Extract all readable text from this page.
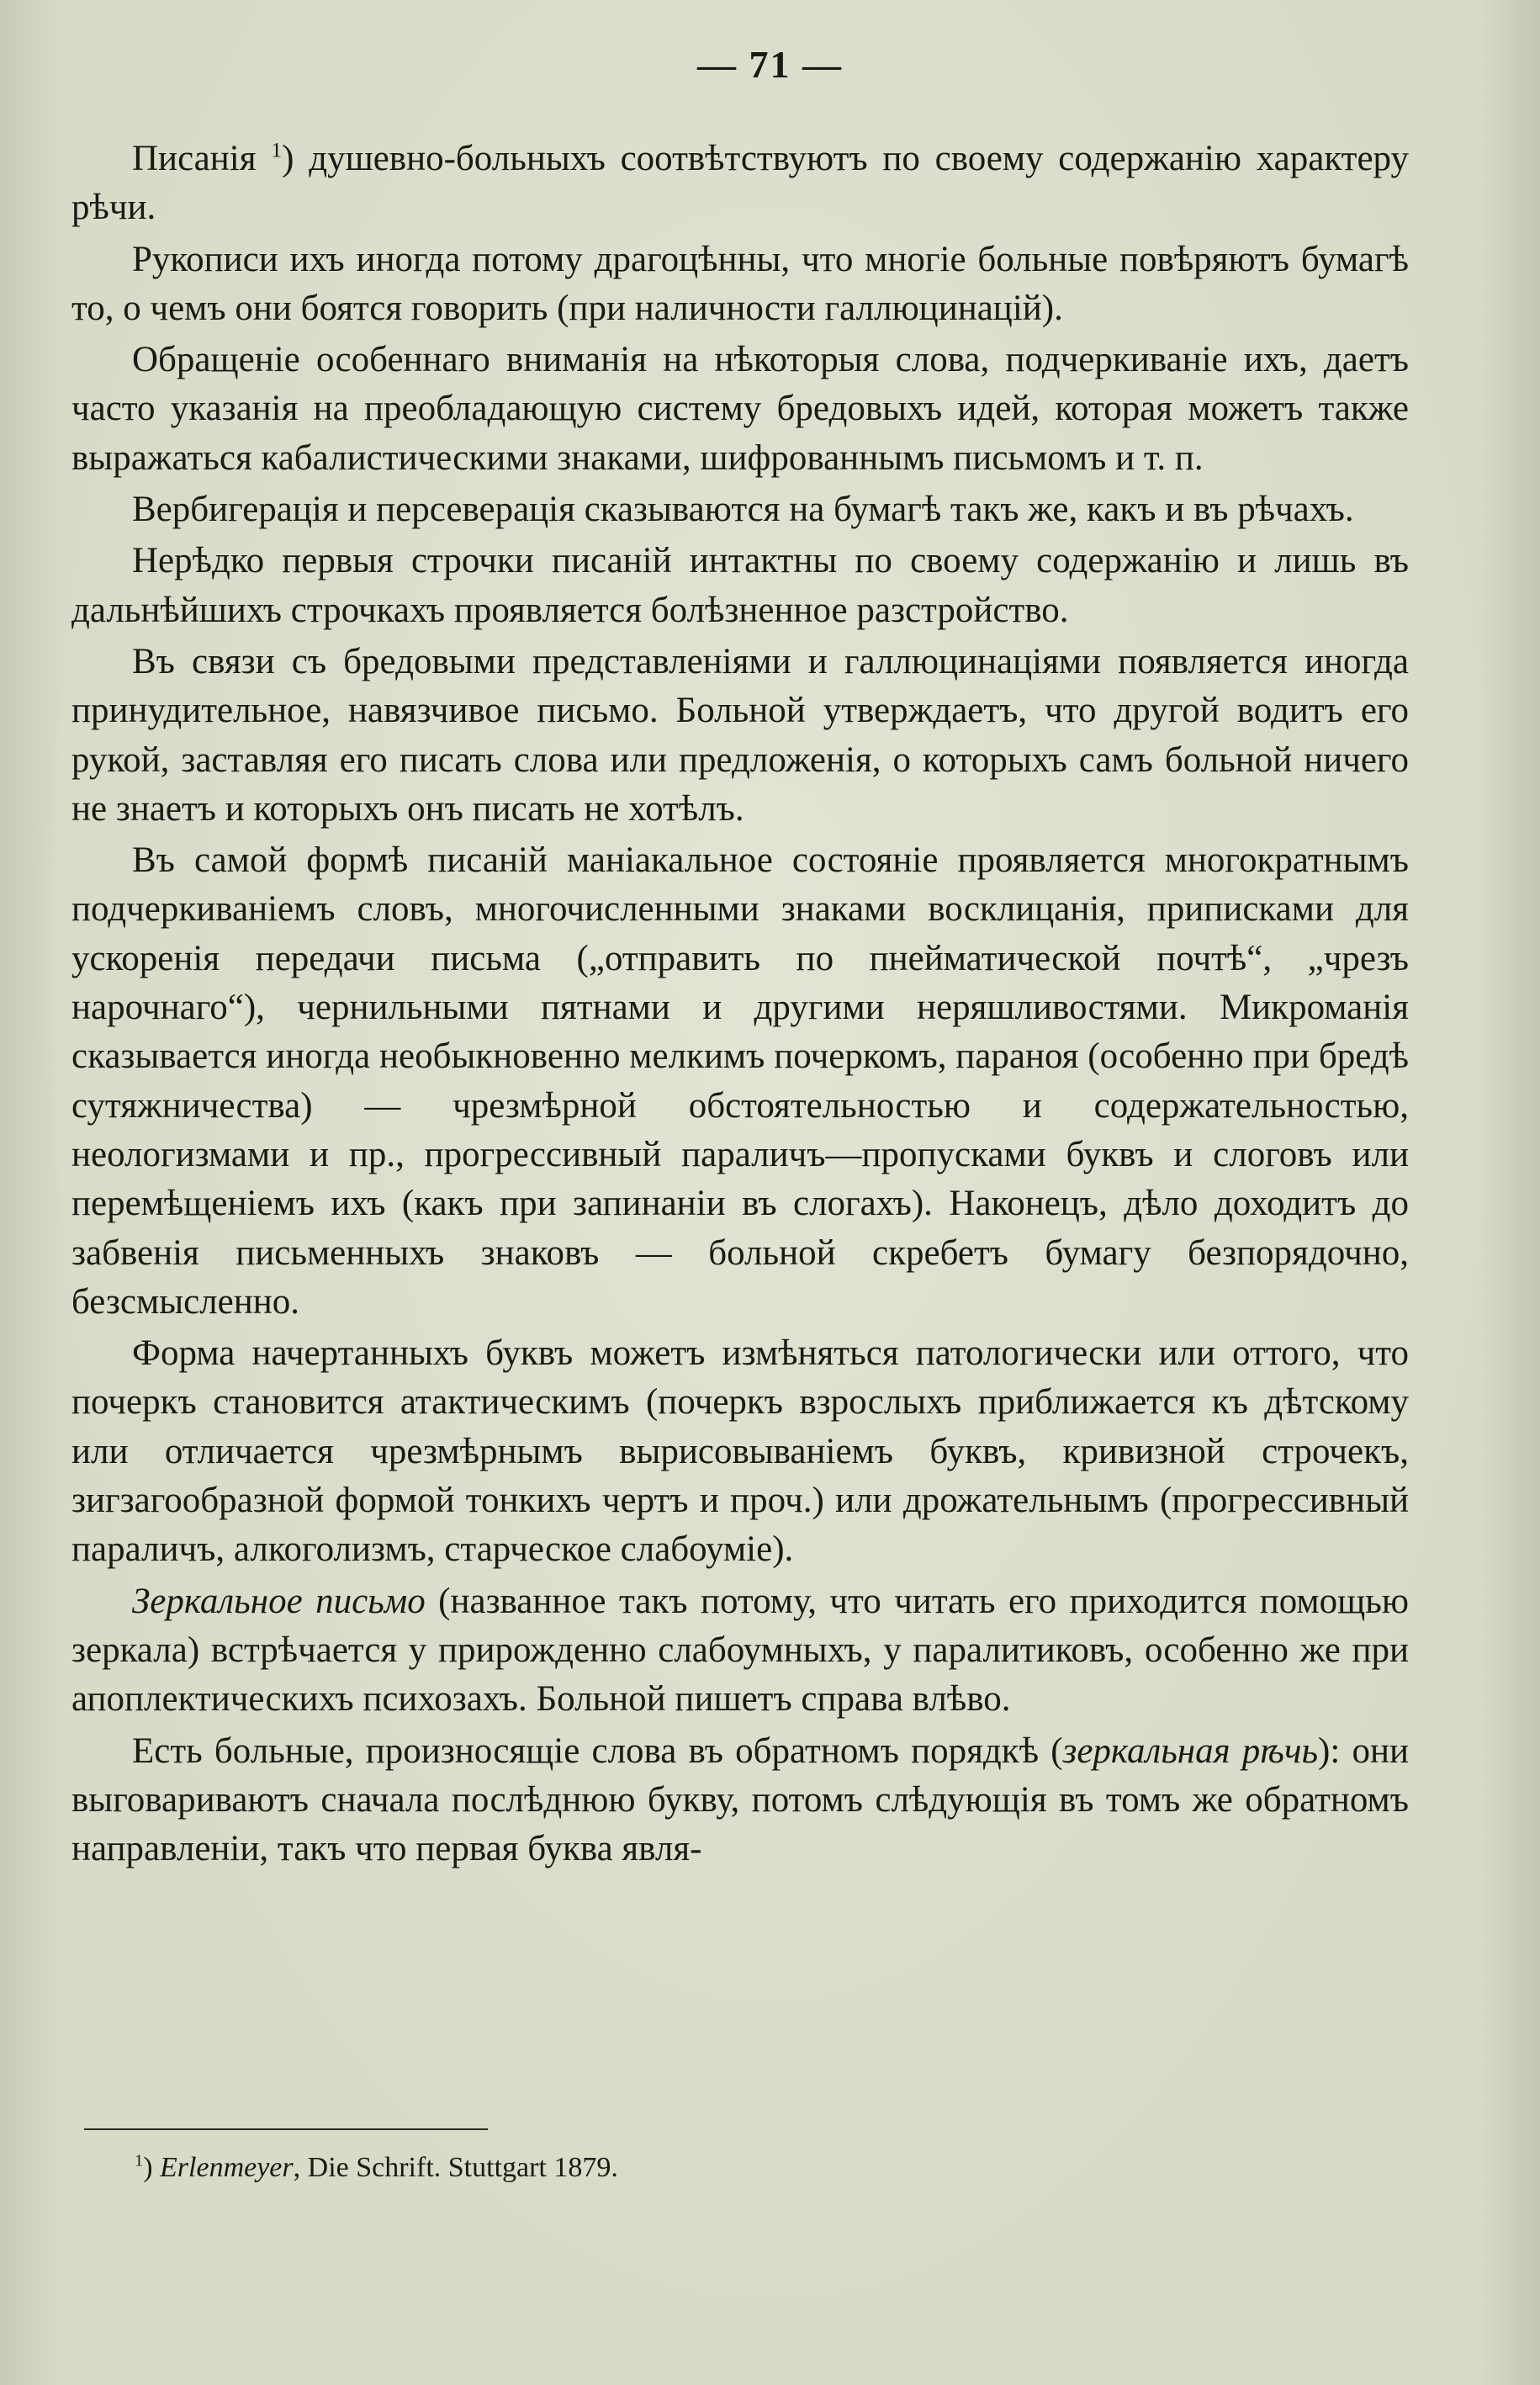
— 71 —

Писанія $^1$) душевно-больныхъ соотвѣтствуютъ по своему содержанію характеру рѣчи.

Рукописи ихъ иногда потому драгоцѣнны, что многіе больные повѣряютъ бумагѣ то, о чемъ они боятся говорить (при наличности галлюцинацій).

Обращеніе особеннаго вниманія на нѣкоторыя слова, подчеркиваніе ихъ, даетъ часто указанія на преобладающую систему бредовыхъ идей, которая можетъ также выражаться кабалистическими знаками, шифрованнымъ письмомъ и т. п.

Вербигерація и персеверація сказываются на бумагѣ такъ же, какъ и въ рѣчахъ.

Нерѣдко первыя строчки писаній интактны по своему содержанію и лишь въ дальнѣйшихъ строчкахъ проявляется болѣзненное разстройство.

Въ связи съ бредовыми представленіями и галлюцинаціями появляется иногда принудительное, навязчивое письмо. Больной утверждаетъ, что другой водитъ его рукой, заставляя его писать слова или предложенія, о которыхъ самъ больной ничего не знаетъ и которыхъ онъ писать не хотѣлъ.

Въ самой формѣ писаній маніакальное состояніе проявляется многократнымъ подчеркиваніемъ словъ, многочисленными знаками восклицанія, приписками для ускоренія передачи письма („отправить по пнейматической почтѣ“, „чрезъ нарочнаго“), чернильными пятнами и другими неряшливостями. Микроманія сказывается иногда необыкновенно мелкимъ почеркомъ, параноя (особенно при бредѣ сутяжничества) — чрезмѣрной обстоятельностью и содержательностью, неологизмами и пр., прогрессивный параличъ—пропусками буквъ и слоговъ или перемѣщеніемъ ихъ (какъ при запинаніи въ слогахъ). Наконецъ, дѣло доходитъ до забвенія письменныхъ знаковъ — больной скребетъ бумагу безпорядочно, безсмысленно.

Форма начертанныхъ буквъ можетъ измѣняться патологически или оттого, что почеркъ становится атактическимъ (почеркъ взрослыхъ приближается къ дѣтскому или отличается чрезмѣрнымъ вырисовываніемъ буквъ, кривизной строчекъ, зигзагообразной формой тонкихъ чертъ и проч.) или дрожательнымъ (прогрессивный параличъ, алкоголизмъ, старческое слабоуміе).

Зеркальное письмо (названное такъ потому, что читать его приходится помощью зеркала) встрѣчается у прирожденно слабоумныхъ, у паралитиковъ, особенно же при апоплектическихъ психозахъ. Больной пишетъ справа влѣво.

Есть больные, произносящіе слова въ обратномъ порядкѣ (зеркальная рѣчь): они выговариваютъ сначала послѣднюю букву, потомъ слѣдующія въ томъ же обратномъ направленіи, такъ что первая буква явля-

$^1$) Erlenmeyer, Die Schrift. Stuttgart 1879.
